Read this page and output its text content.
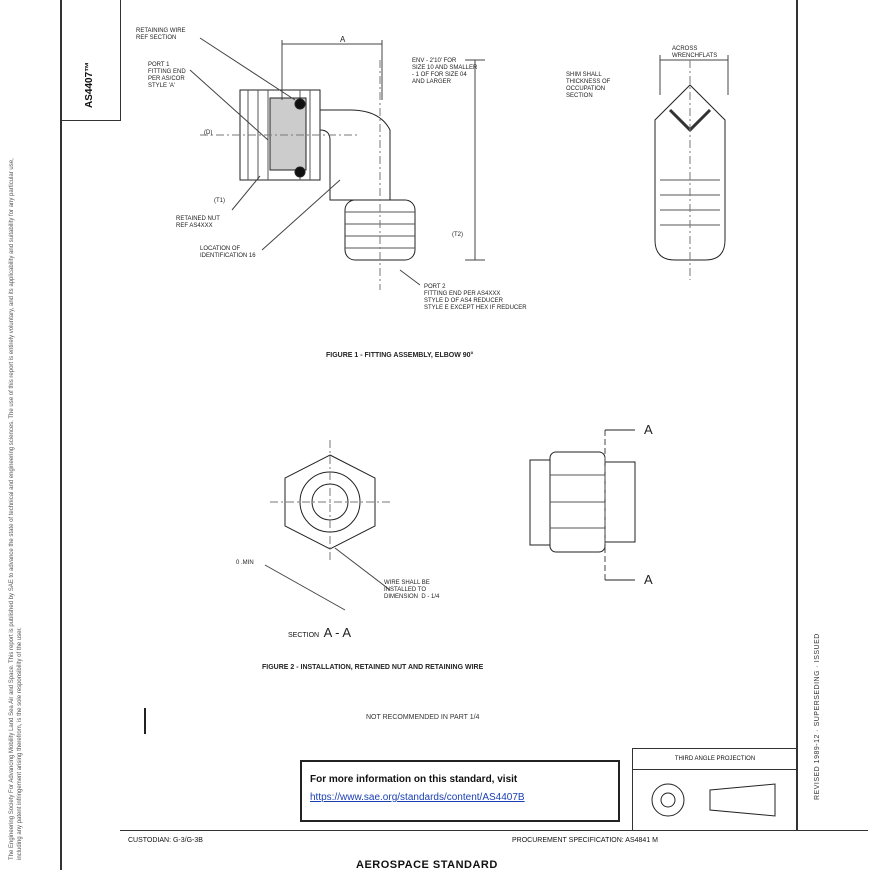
The Engineering Society For Advancing Mobility Land Sea Air and Space. This report is published by SAE to advance the state of technical and engineering sciences. The use of this report is entirely voluntary, and its applicability and suitability for any particular use, including any patent infringement arising therefrom, is the sole responsibility of the user.
AS4407™
REVISED 1989-12 · SUPERSEDING · ISSUED
RETAINING WIRE
REF SECTION
PORT 1
FITTING END
PER AS/COR
STYLE 'A'
A
ENV - 2'10' FOR
SIZE 10 AND SMALLER
- 1 OF FOR SIZE 04
AND LARGER
ACROSS
WRENCHFLATS
SHIM SHALL
THICKNESS OF
OCCUPATION
SECTION
(D)
(T1)
RETAINED NUT
REF AS4XXX
LOCATION OF
IDENTIFICATION 16
(T2)
PORT 2
FITTING END PER AS4XXX
STYLE D OF AS4 REDUCER
STYLE E EXCEPT HEX IF REDUCER
FIGURE 1 - FITTING ASSEMBLY, ELBOW 90°
0 .MIN
WIRE SHALL BE
INSTALLED TO
DIMENSION  D - 1/4
SECTION A - A
A
A
FIGURE 2 - INSTALLATION, RETAINED NUT AND RETAINING WIRE
NOT RECOMMENDED IN PART 1/4
For more information on this standard, visit
https://www.sae.org/standards/content/AS4407B
THIRD ANGLE PROJECTION
CUSTODIAN: G-3/G-3B	PROCUREMENT SPECIFICATION: AS4841 M
AEROSPACE STANDARD
